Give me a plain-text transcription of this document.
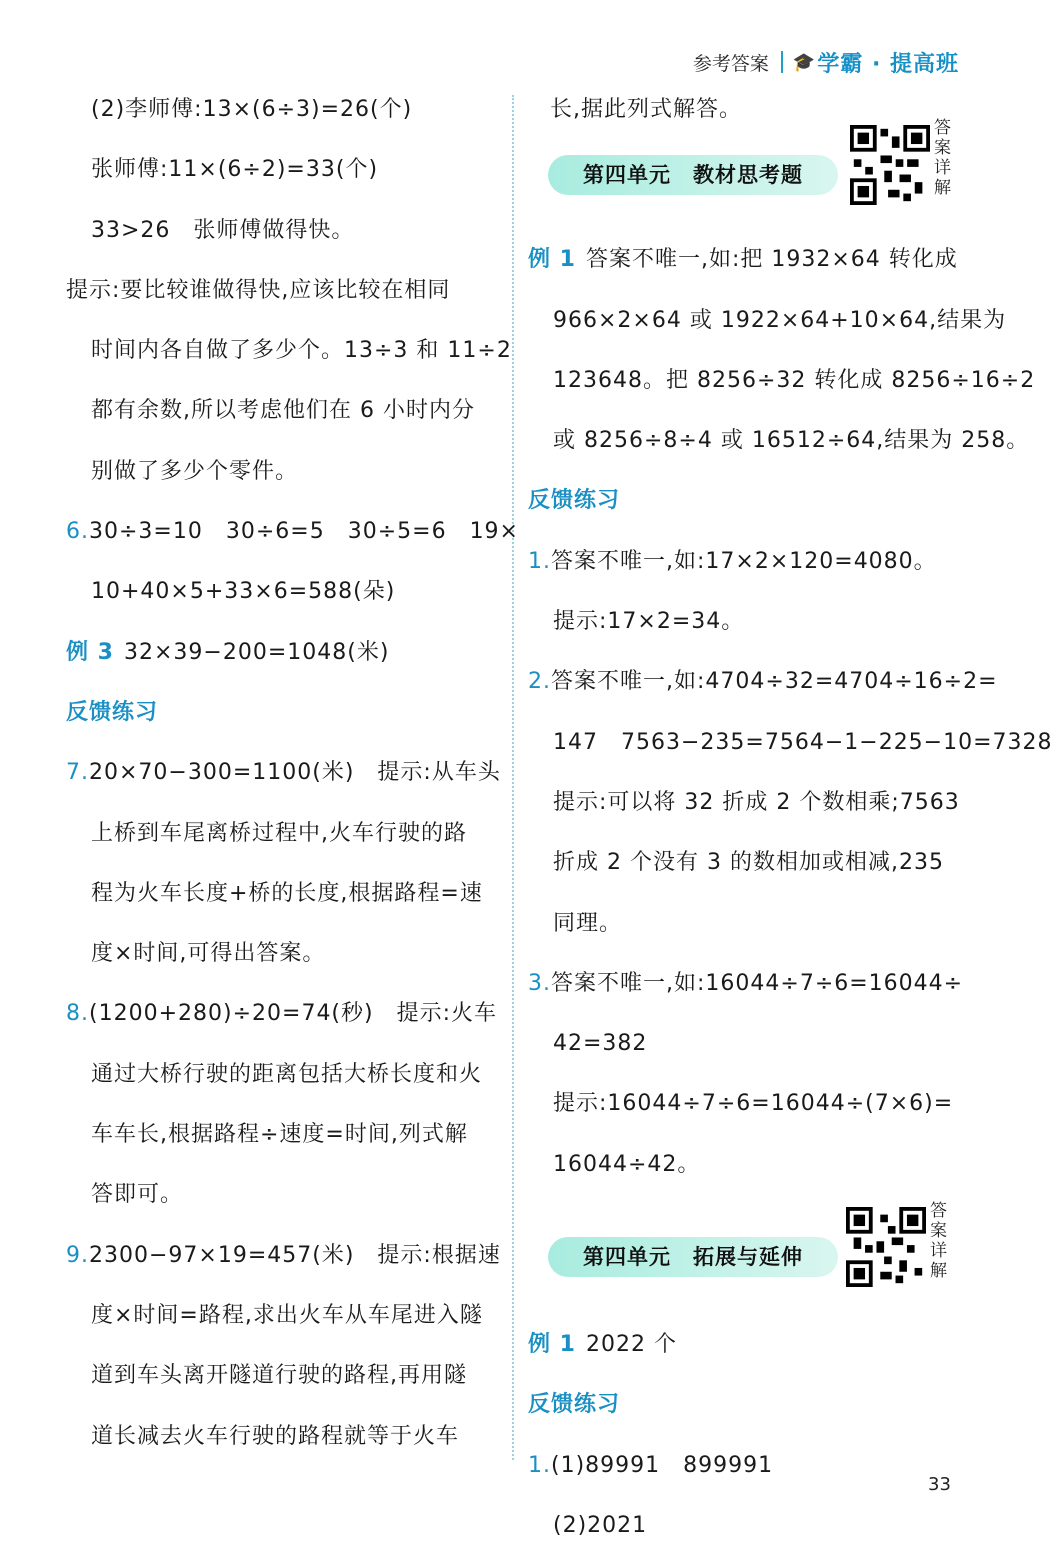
参考答案 🎓 学霸 · 提高班
(2)李师傅:13×(6÷3)=26(个)
张师傅:11×(6÷2)=33(个)
33>26　张师傅做得快。
提示:要比较谁做得快,应该比较在相同
时间内各自做了多少个。13÷3 和 11÷2
都有余数,所以考虑他们在 6 小时内分
别做了多少个零件。
6.30÷3=10　30÷6=5　30÷5=6　19×
10+40×5+33×6=588(朵)
例 3 32×39−200=1048(米)
反馈练习
7.20×70−300=1100(米)　提示:从车头
上桥到车尾离桥过程中,火车行驶的路
程为火车长度+桥的长度,根据路程=速
度×时间,可得出答案。
8.(1200+280)÷20=74(秒)　提示:火车
通过大桥行驶的距离包括大桥长度和火
车车长,根据路程÷速度=时间,列式解
答即可。
9.2300−97×19=457(米)　提示:根据速
度×时间=路程,求出火车从车尾进入隧
道到车头离开隧道行驶的路程,再用隧
道长减去火车行驶的路程就等于火车
长,据此列式解答。
第四单元　教材思考题
答案详解
例 1 答案不唯一,如:把 1932×64 转化成
966×2×64 或 1922×64+10×64,结果为
123648。把 8256÷32 转化成 8256÷16÷2
或 8256÷8÷4 或 16512÷64,结果为 258。
反馈练习
1.答案不唯一,如:17×2×120=4080。
提示:17×2=34。
2.答案不唯一,如:4704÷32=4704÷16÷2=
147　7563−235=7564−1−225−10=7328
提示:可以将 32 折成 2 个数相乘;7563
折成 2 个没有 3 的数相加或相减,235
同理。
3.答案不唯一,如:16044÷7÷6=16044÷
42=382
提示:16044÷7÷6=16044÷(7×6)=
16044÷42。
第四单元　拓展与延伸
答案详解
例 1 2022 个
反馈练习
1.(1)89991　899991
(2)2021
33
